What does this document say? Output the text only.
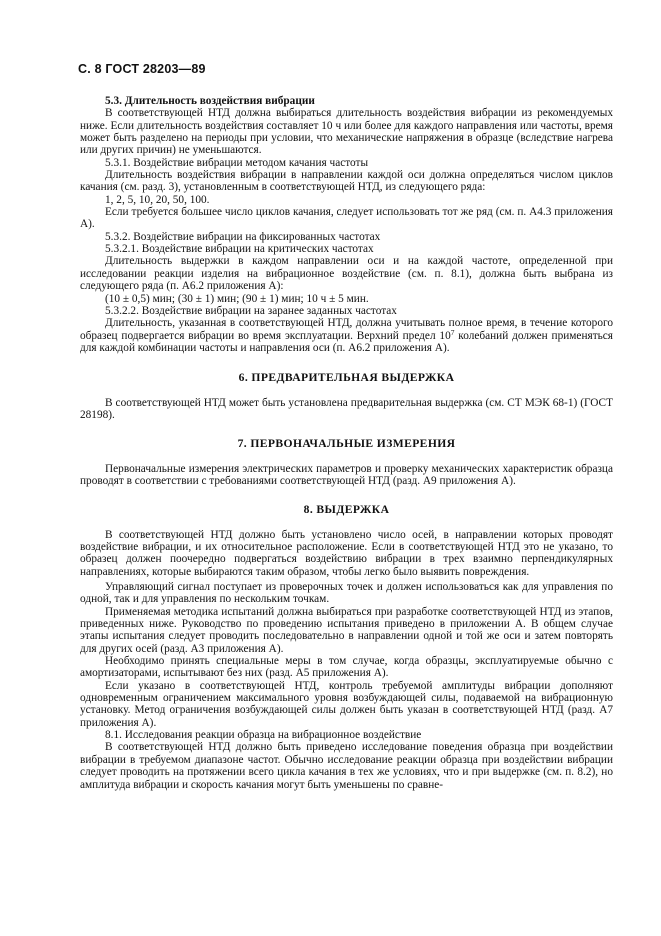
С. 8 ГОСТ 28203—89

5.3. Длительность воздействия вибрации

В соответствующей НТД должна выбираться длительность воздействия вибрации из рекомендуемых ниже. Если длительность воздействия составляет 10 ч или более для каждого направления или частоты, время может быть разделено на периоды при условии, что механические напряжения в образце (вследствие нагрева или других причин) не уменьшаются.

5.3.1. Воздействие вибрации методом качания частоты

Длительность воздействия вибрации в направлении каждой оси должна определяться числом циклов качания (см. разд. 3), установленным в соответствующей НТД, из следующего ряда:

1, 2, 5, 10, 20, 50, 100.

Если требуется большее число циклов качания, следует использовать тот же ряд (см. п. А4.3 приложения А).

5.3.2. Воздействие вибрации на фиксированных частотах

5.3.2.1. Воздействие вибрации на критических частотах

Длительность выдержки в каждом направлении оси и на каждой частоте, определенной при исследовании реакции изделия на вибрационное воздействие (см. п. 8.1), должна быть выбрана из следующего ряда (п. А6.2 приложения А):

(10 ± 0,5) мин; (30 ± 1) мин; (90 ± 1) мин; 10 ч ± 5 мин.

5.3.2.2. Воздействие вибрации на заранее заданных частотах

Длительность, указанная в соответствующей НТД, должна учитывать полное время, в течение которого образец подвергается вибрации во время эксплуатации. Верхний предел $10^7$ колебаний должен применяться для каждой комбинации частоты и направления оси (п. А6.2 приложения А).

6. ПРЕДВАРИТЕЛЬНАЯ ВЫДЕРЖКА

В соответствующей НТД может быть установлена предварительная выдержка (см. СТ МЭК 68-1) (ГОСТ 28198).

7. ПЕРВОНАЧАЛЬНЫЕ ИЗМЕРЕНИЯ

Первоначальные измерения электрических параметров и проверку механических характеристик образца проводят в соответствии с требованиями соответствующей НТД (разд. А9 приложения А).

8. ВЫДЕРЖКА

В соответствующей НТД должно быть установлено число осей, в направлении которых проводят воздействие вибрации, и их относительное расположение. Если в соответствующей НТД это не указано, то образец должен поочередно подвергаться воздействию вибрации в трех взаимно перпендикулярных направлениях, которые выбираются таким образом, чтобы легко было выявить повреждения.

Управляющий сигнал поступает из проверочных точек и должен использоваться как для управления по одной, так и для управления по нескольким точкам.

Применяемая методика испытаний должна выбираться при разработке соответствующей НТД из этапов, приведенных ниже. Руководство по проведению испытания приведено в приложении А. В общем случае этапы испытания следует проводить последовательно в направлении одной и той же оси и затем повторять для других осей (разд. А3 приложения А).

Необходимо принять специальные меры в том случае, когда образцы, эксплуатируемые обычно с амортизаторами, испытывают без них (разд. А5 приложения А).

Если указано в соответствующей НТД, контроль требуемой амплитуды вибрации дополняют одновременным ограничением максимального уровня возбуждающей силы, подаваемой на вибрационную установку. Метод ограничения возбуждающей силы должен быть указан в соответствующей НТД (разд. А7 приложения А).

8.1. Исследования реакции образца на вибрационное воздействие

В соответствующей НТД должно быть приведено исследование поведения образца при воздействии вибрации в требуемом диапазоне частот. Обычно исследование реакции образца при воздействии вибрации следует проводить на протяжении всего цикла качания в тех же условиях, что и при выдержке (см. п. 8.2), но амплитуда вибрации и скорость качания могут быть уменьшены по сравне-
